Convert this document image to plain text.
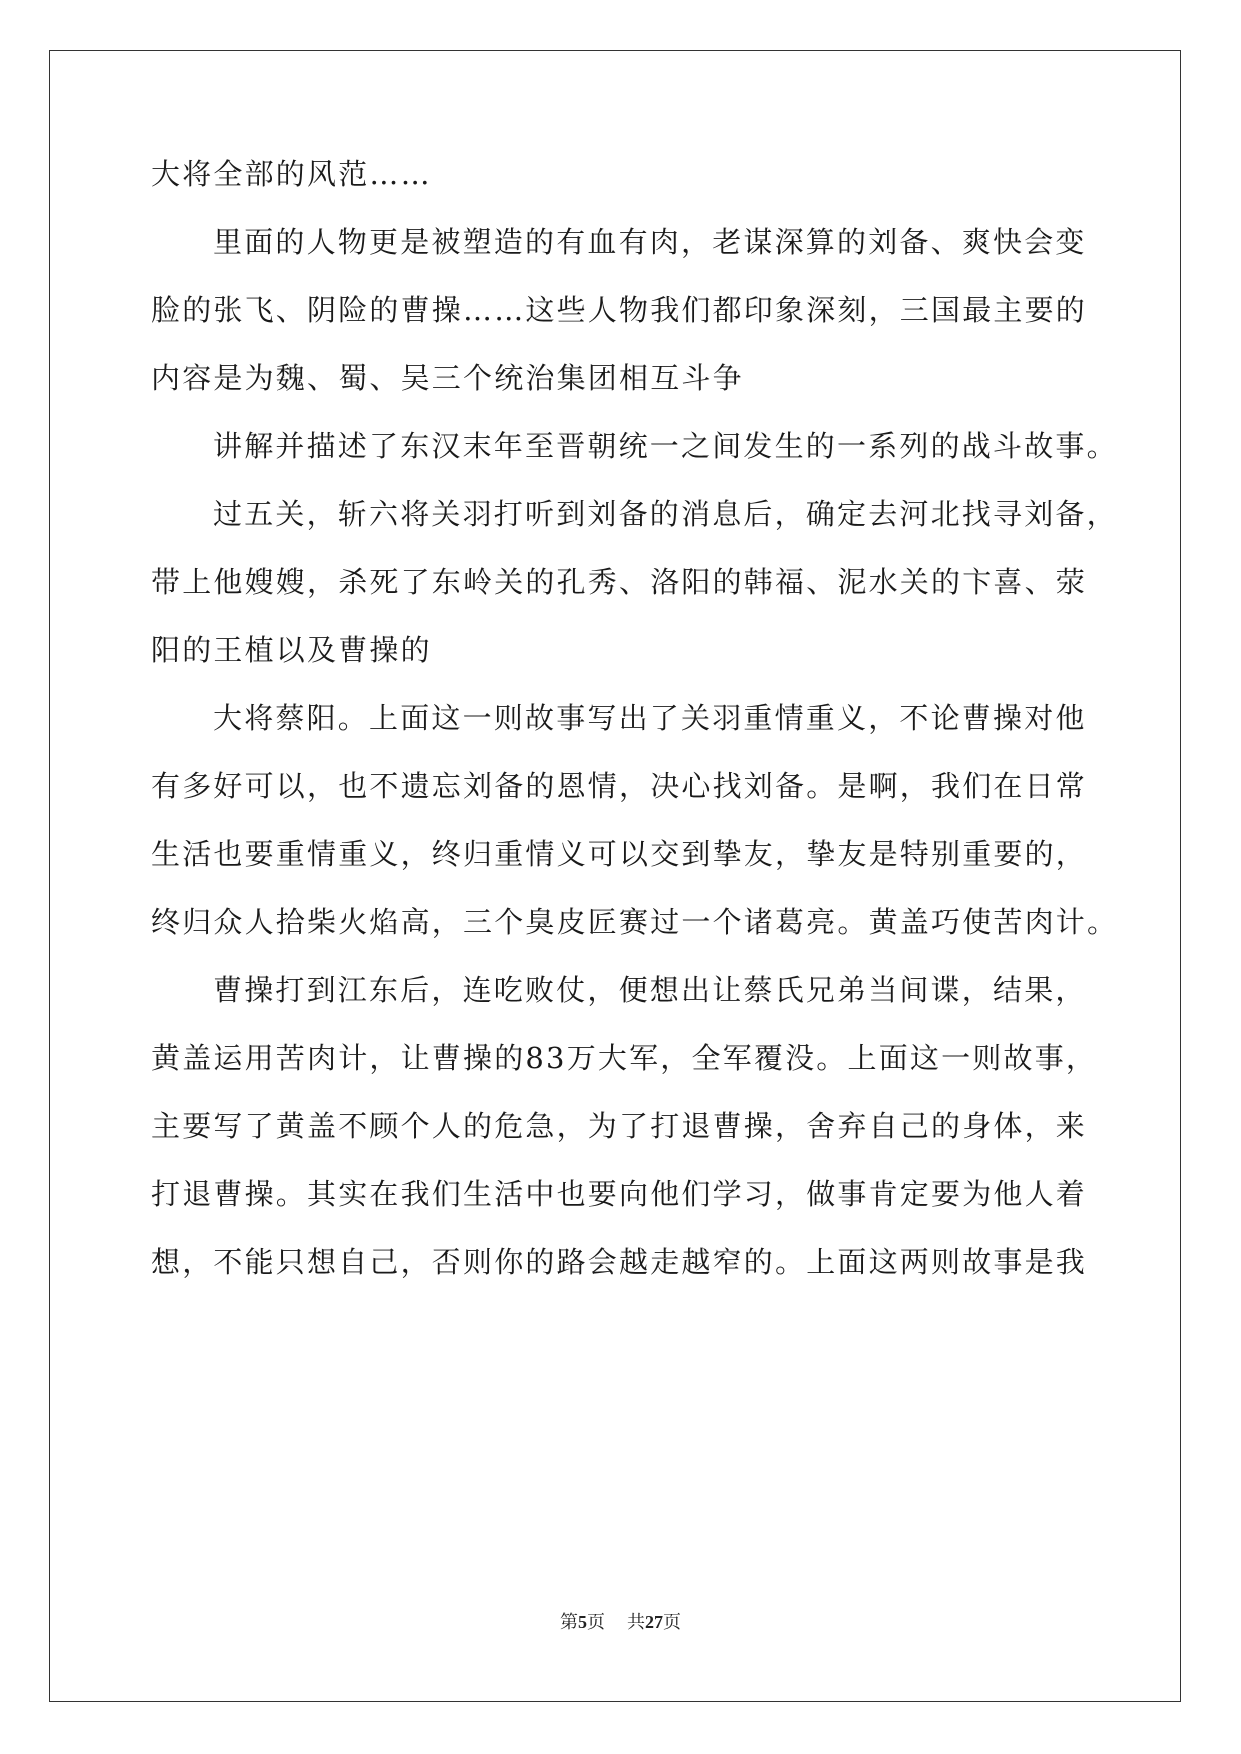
大将全部的风范……
里面的人物更是被塑造的有血有肉，老谋深算的刘备、爽快会变
脸的张飞、阴险的曹操……这些人物我们都印象深刻，三国最主要的
内容是为魏、蜀、吴三个统治集团相互斗争
讲解并描述了东汉末年至晋朝统一之间发生的一系列的战斗故事。
过五关，斩六将关羽打听到刘备的消息后，确定去河北找寻刘备，
带上他嫂嫂，杀死了东岭关的孔秀、洛阳的韩福、泥水关的卞喜、荥
阳的王植以及曹操的
大将蔡阳。上面这一则故事写出了关羽重情重义，不论曹操对他
有多好可以，也不遗忘刘备的恩情，决心找刘备。是啊，我们在日常
生活也要重情重义，终归重情义可以交到挚友，挚友是特别重要的，
终归众人拾柴火焰高，三个臭皮匠赛过一个诸葛亮。黄盖巧使苦肉计。
曹操打到江东后，连吃败仗，便想出让蔡氏兄弟当间谍，结果，
黄盖运用苦肉计，让曹操的83万大军，全军覆没。上面这一则故事，
主要写了黄盖不顾个人的危急，为了打退曹操，舍弃自己的身体，来
打退曹操。其实在我们生活中也要向他们学习，做事肯定要为他人着
想，不能只想自己，否则你的路会越走越窄的。上面这两则故事是我
第5页 共27页
